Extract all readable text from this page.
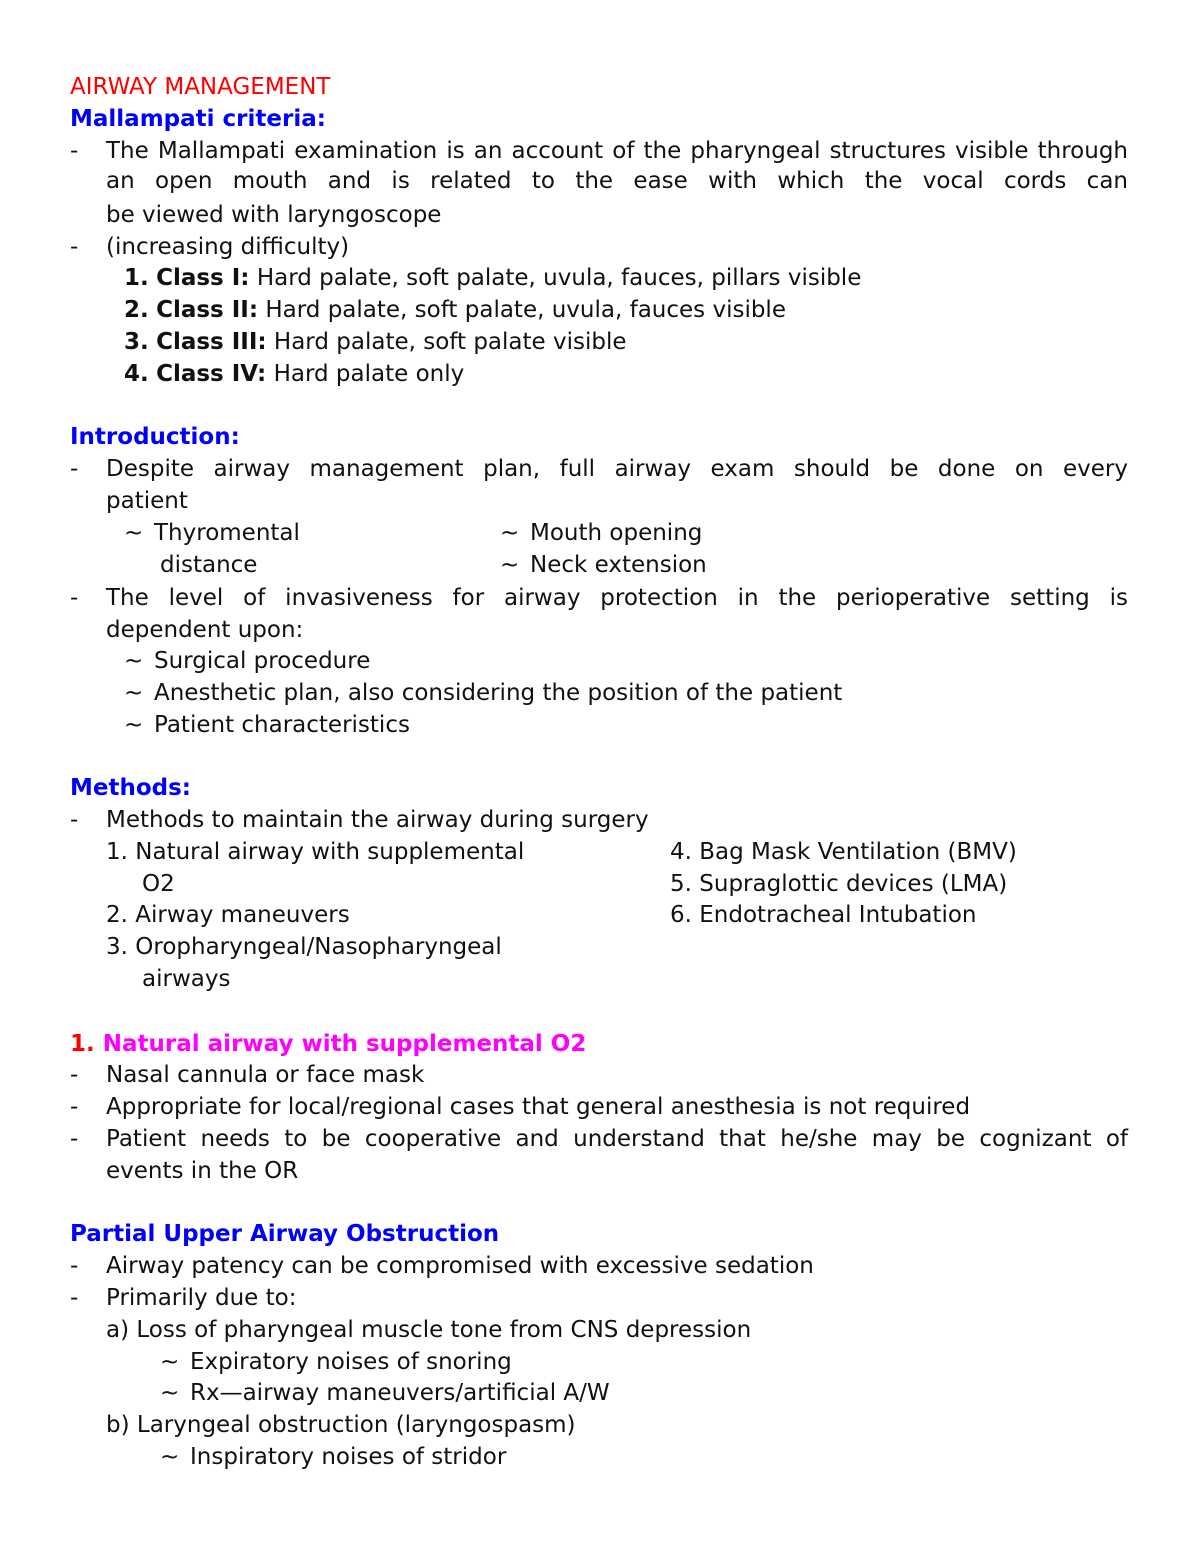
AIRWAY MANAGEMENT
Mallampati criteria:
- The Mallampati examination is an account of the pharyngeal structures visible through an open mouth and is related to the ease with which the vocal cords can
be viewed with laryngoscope
- (increasing difficulty)
1. Class I: Hard palate, soft palate, uvula, fauces, pillars visible
2. Class II: Hard palate, soft palate, uvula, fauces visible
3. Class III: Hard palate, soft palate visible
4. Class IV: Hard palate only
Introduction:
- Despite airway management plan, full airway exam should be done on every
patient
~ Thyromental
distance
~ Mouth opening
~ Neck extension
- The level of invasiveness for airway protection in the perioperative setting is
dependent upon:
~ Surgical procedure
~ Anesthetic plan, also considering the position of the patient
~ Patient characteristics
Methods:
- Methods to maintain the airway during surgery
1. Natural airway with supplemental
O2
2. Airway maneuvers
3. Oropharyngeal/Nasopharyngeal
airways
4. Bag Mask Ventilation (BMV)
5. Supraglottic devices (LMA)
6. Endotracheal Intubation
1. Natural airway with supplemental O2
- Nasal cannula or face mask
- Appropriate for local/regional cases that general anesthesia is not required
- Patient needs to be cooperative and understand that he/she may be cognizant of
events in the OR
Partial Upper Airway Obstruction
- Airway patency can be compromised with excessive sedation
- Primarily due to:
a) Loss of pharyngeal muscle tone from CNS depression
~ Expiratory noises of snoring
~ Rx—airway maneuvers/artificial A/W
b) Laryngeal obstruction (laryngospasm)
~ Inspiratory noises of stridor
